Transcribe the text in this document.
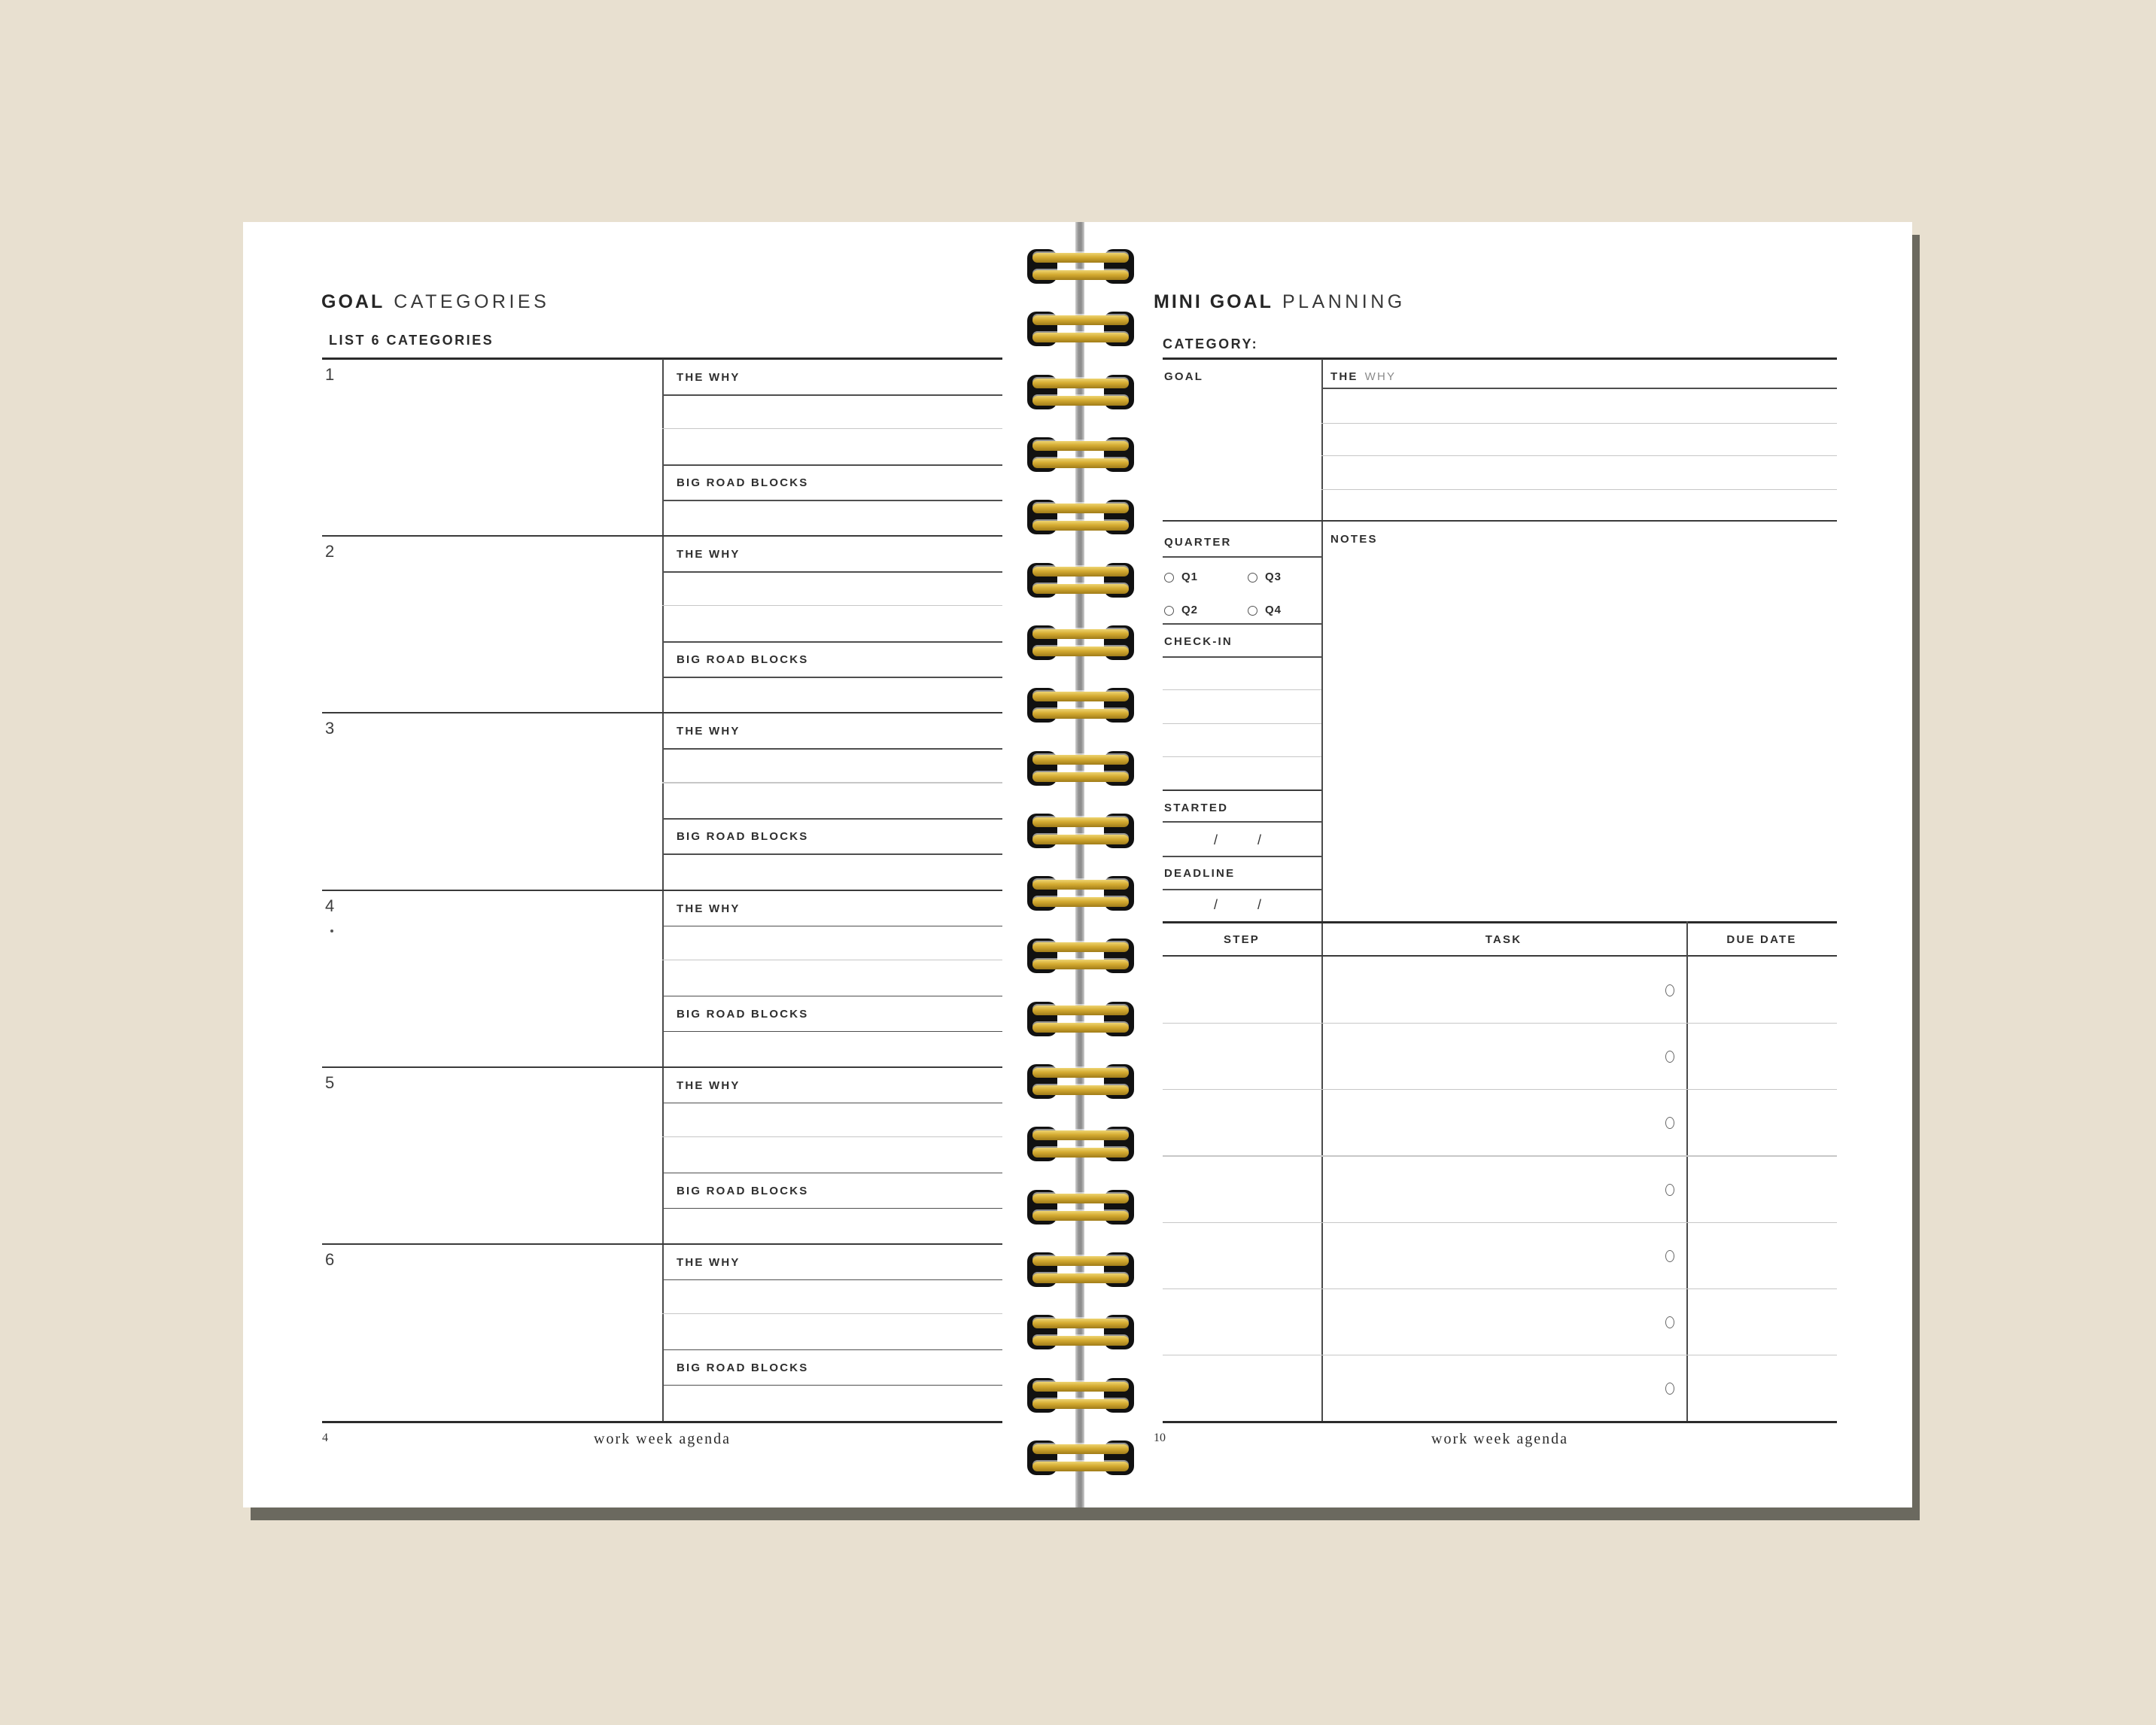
GOAL CATEGORIES
LIST 6 CATEGORIES
1	THE WHY
BIG ROAD BLOCKS
2	THE WHY
BIG ROAD BLOCKS
3	THE WHY
BIG ROAD BLOCKS
4	THE WHY
BIG ROAD BLOCKS
5	THE WHY
BIG ROAD BLOCKS
6	THE WHY
BIG ROAD BLOCKS
4	work week agenda
MINI GOAL PLANNING
CATEGORY:
GOAL	THE WHY
QUARTER
Q1	Q3
Q2	Q4
CHECK-IN
STARTED
/	/
DEADLINE
/	/
NOTES
STEP	TASK	DUE DATE
10	work week agenda
